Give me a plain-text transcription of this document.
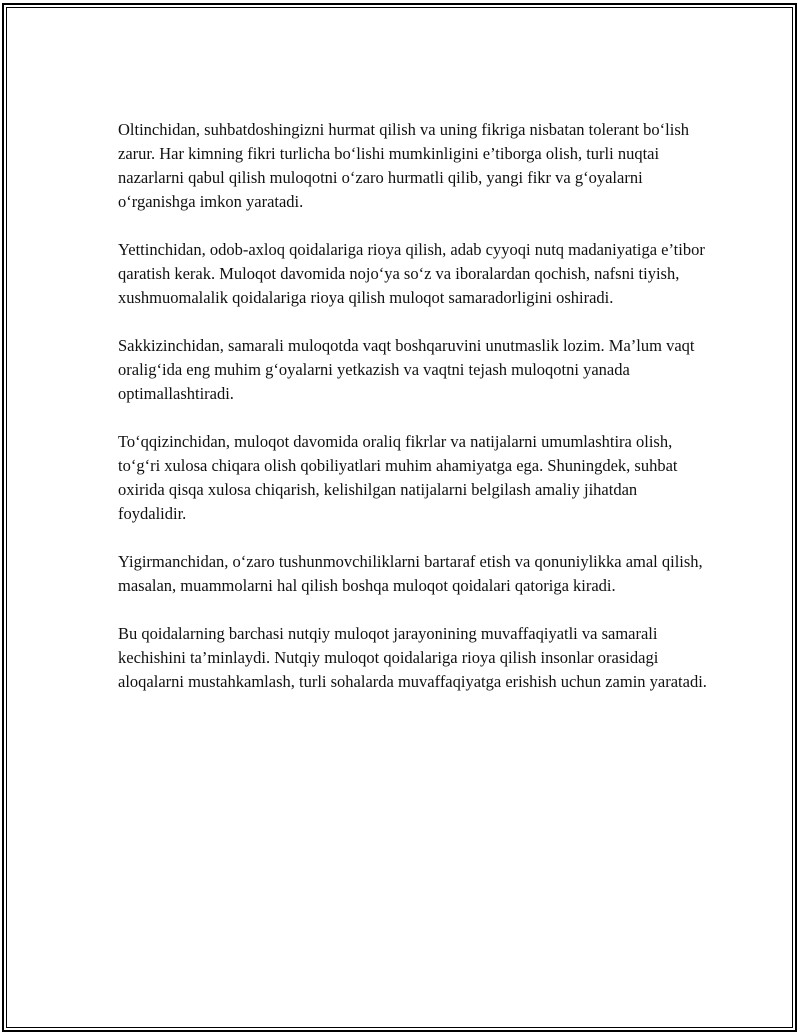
Oltinchidan, suhbatdoshingizni hurmat qilish va uning fikriga nisbatan tolerant bo‘lish zarur. Har kimning fikri turlicha bo‘lishi mumkinligini e’tiborga olish, turli nuqtai nazarlarni qabul qilish muloqotni o‘zaro hurmatli qilib, yangi fikr va g‘oyalarni o‘rganishga imkon yaratadi.

Yettinchidan, odob-axloq qoidalariga rioya qilish, adab cyyoqi nutq madaniyatiga e’tibor qaratish kerak. Muloqot davomida nojo‘ya so‘z va iboralardan qochish, nafsni tiyish, xushmuomalalik qoidalariga rioya qilish muloqot samaradorligini oshiradi.

Sakkizinchidan, samarali muloqotda vaqt boshqaruvini unutmaslik lozim. Ma’lum vaqt oralig‘ida eng muhim g‘oyalarni yetkazish va vaqtni tejash muloqotni yanada optimallashtiradi.

To‘qqizinchidan, muloqot davomida oraliq fikrlar va natijalarni umumlashtira olish, to‘g‘ri xulosa chiqara olish qobiliyatlari muhim ahamiyatga ega. Shuningdek, suhbat oxirida qisqa xulosa chiqarish, kelishilgan natijalarni belgilash amaliy jihatdan foydalidir.

Yigirmanchidan, o‘zaro tushunmovchiliklarni bartaraf etish va qonuniylikka amal qilish, masalan, muammolarni hal qilish boshqa muloqot qoidalari qatoriga kiradi.

Bu qoidalarning barchasi nutqiy muloqot jarayonining muvaffaqiyatli va samarali kechishini ta’minlaydi. Nutqiy muloqot qoidalariga rioya qilish insonlar orasidagi aloqalarni mustahkamlash, turli sohalarda muvaffaqiyatga erishish uchun zamin yaratadi.
